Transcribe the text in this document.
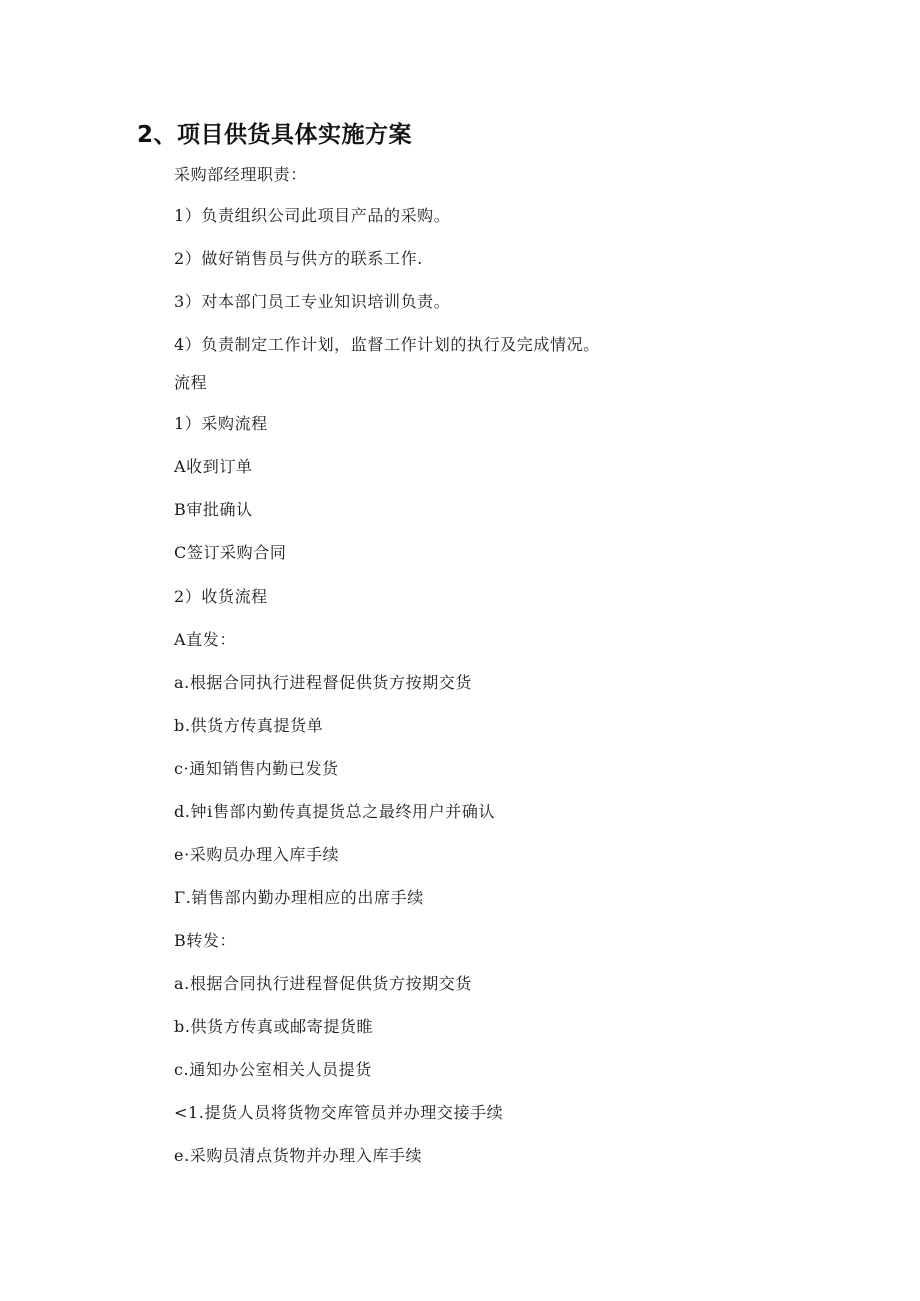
2、项目供货具体实施方案
采购部经理职责：
1）负责组织公司此项目产品的采购。
2）做好销售员与供方的联系工作.
3）对本部门员工专业知识培训负责。
4）负责制定工作计划，监督工作计划的执行及完成情况。
流程
1）采购流程
A收到订单
B审批确认
C签订采购合同
2）收货流程
A直发：
a.根据合同执行进程督促供货方按期交货
b.供货方传真提货单
c·通知销售内勤已发货
d.钟i售部内勤传真提货总之最终用户并确认
e·采购员办理入库手续
Γ.销售部内勤办理相应的出席手续
B转发：
a.根据合同执行进程督促供货方按期交货
b.供货方传真或邮寄提货睢
c.通知办公室相关人员提货
<1.提货人员将货物交库管员并办理交接手续
e.采购员清点货物并办理入库手续
